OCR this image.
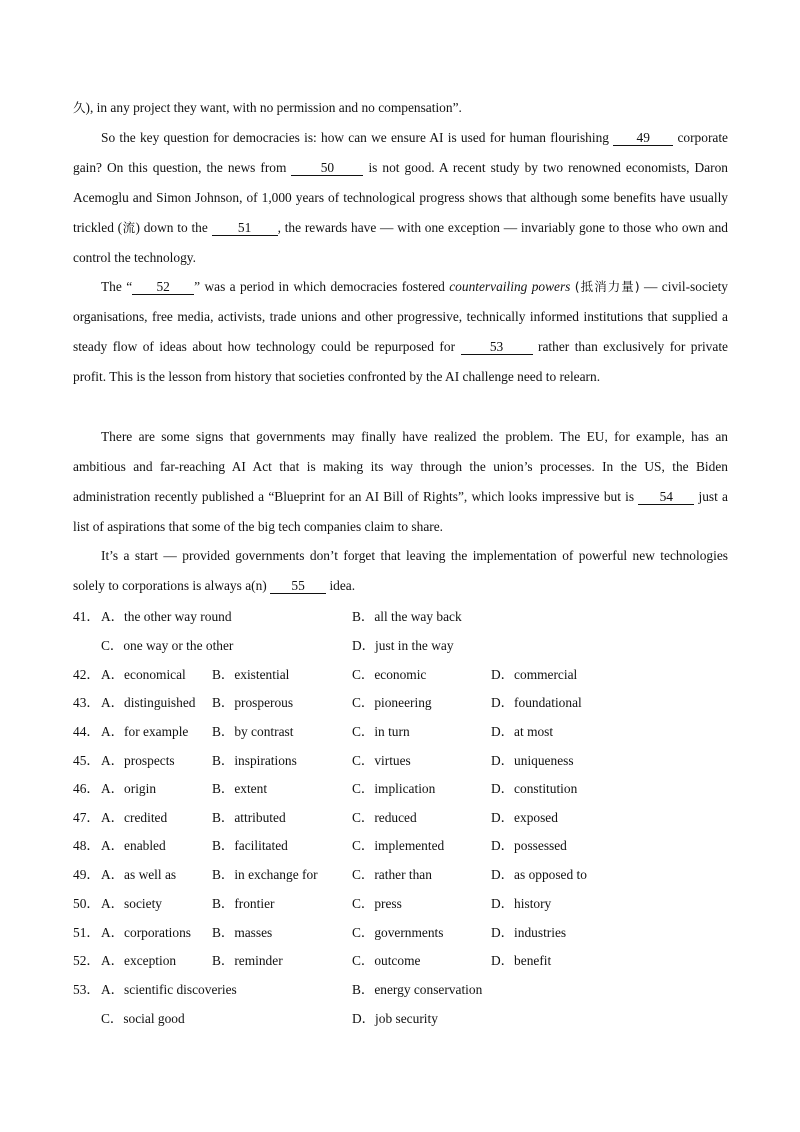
久), in any project they want, with no permission and no compensation”.
So the key question for democracies is: how can we ensure AI is used for human flourishing 49 corporate gain? On this question, the news from 50 is not good. A recent study by two renowned economists, Daron Acemoglu and Simon Johnson, of 1,000 years of technological progress shows that although some benefits have usually trickled (流) down to the 51 , the rewards have — with one exception — invariably gone to those who own and control the technology.
The “ 52 ” was a period in which democracies fostered countervailing powers (抵消力量) — civil-society organisations, free media, activists, trade unions and other progressive, technically informed institutions that supplied a steady flow of ideas about how technology could be repurposed for 53 rather than exclusively for private profit. This is the lesson from history that societies confronted by the AI challenge need to relearn.
There are some signs that governments may finally have realized the problem. The EU, for example, has an ambitious and far-reaching AI Act that is making its way through the union’s processes. In the US, the Biden administration recently published a “Blueprint for an AI Bill of Rights”, which looks impressive but is 54 just a list of aspirations that some of the big tech companies claim to share.
It’s a start — provided governments don’t forget that leaving the implementation of powerful new technologies solely to corporations is always a(n) 55 idea.
41． A．the other way round	B．all the way back
C．one way or the other	D．just in the way
42． A．economical B．existential	C．economic	D．commercial
43． A．distinguished B．prosperous	C．pioneering	D．foundational
44． A．for example B．by contrast	C．in turn	D．at most
45． A．prospects	B．inspirations	C．virtues	D．uniqueness
46． A．origin	B．extent	C．implication	D．constitution
47． A．credited	B．attributed	C．reduced	D．exposed
48． A．enabled	B．facilitated	C．implemented	D．possessed
49． A．as well as	B．in exchange for	C．rather than	D．as opposed to
50． A．society	B．frontier	C．press	D．history
51． A．corporations B．masses	C．governments	D．industries
52． A．exception	B．reminder	C．outcome	D．benefit
53． A．scientific discoveries	B．energy conservation
C．social good	D．job security
